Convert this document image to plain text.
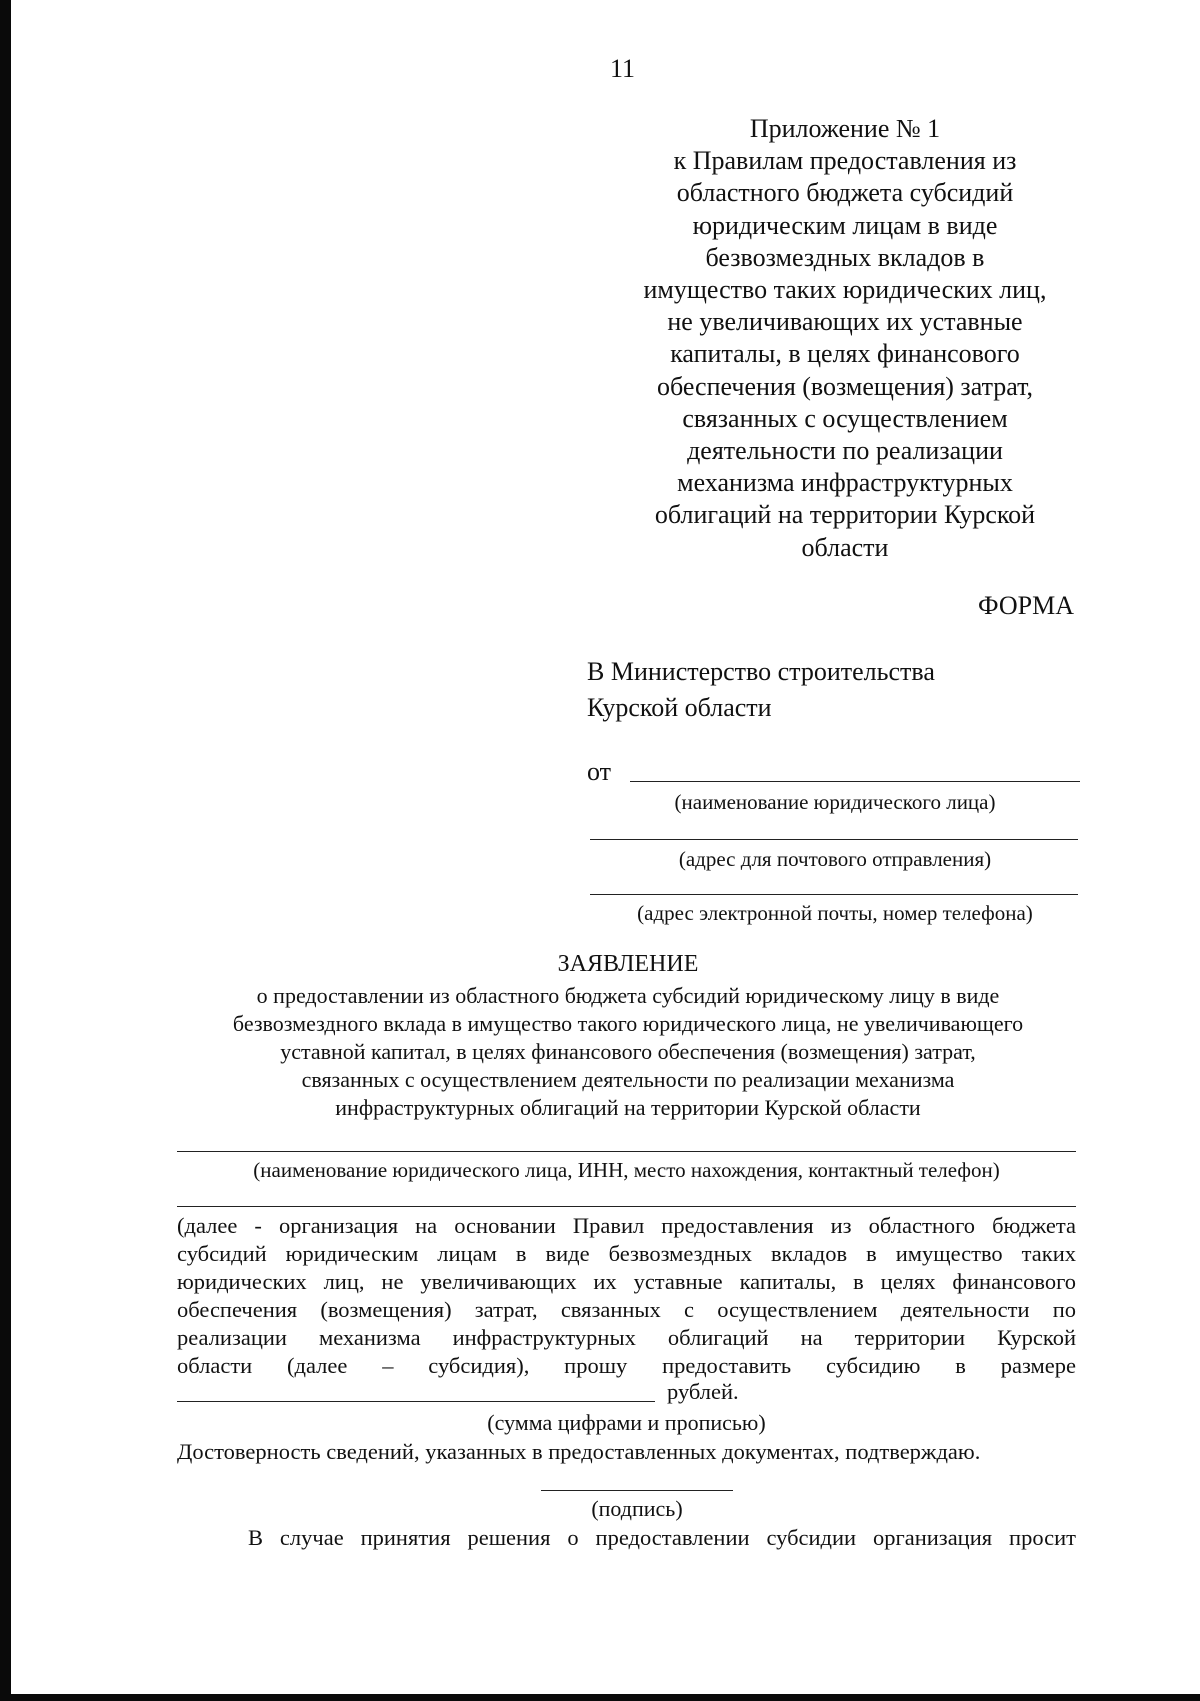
11
Приложение № 1
к Правилам предоставления из
областного бюджета субсидий
юридическим лицам в виде
безвозмездных вкладов в
имущество таких юридических лиц,
не увеличивающих их уставные
капиталы, в целях финансового
обеспечения (возмещения) затрат,
связанных с осуществлением
деятельности по реализации
механизма инфраструктурных
облигаций на территории Курской
области
ФОРМА
В Министерство строительства
Курской области
от
(наименование юридического лица)
(адрес для почтового отправления)
(адрес электронной почты, номер телефона)
ЗАЯВЛЕНИЕ
о предоставлении из областного бюджета субсидий юридическому лицу в виде
безвозмездного вклада в имущество такого юридического лица, не увеличивающего
уставной капитал, в целях финансового обеспечения (возмещения) затрат,
связанных с осуществлением деятельности по реализации механизма
инфраструктурных облигаций на территории Курской области
(наименование юридического лица, ИНН, место нахождения, контактный телефон)
(далее - организация на основании Правил предоставления из областного бюджета
субсидий юридическим лицам в виде безвозмездных вкладов в имущество таких
юридических лиц, не увеличивающих их уставные капиталы, в целях финансового
обеспечения (возмещения) затрат, связанных с осуществлением деятельности по
реализации механизма инфраструктурных облигаций на территории Курской
области (далее – субсидия), прошу предоставить субсидию в размере
рублей.
(сумма цифрами и прописью)
Достоверность сведений, указанных в предоставленных документах, подтверждаю.
(подпись)
В случае принятия решения о предоставлении субсидии организация просит
